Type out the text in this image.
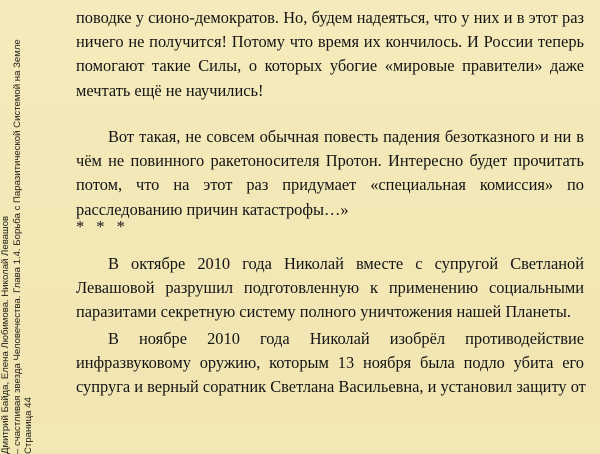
Дмитрий Байда, Елена Любимова. Николай Левашов – счастливая звезда Человечества. Глава 1.4. Борьба с Паразитической Системой на Земле Страница 44

поводке у сионо-демократов. Но, будем надеяться, что у них и в этот раз
ничего не получится! Потому что время их кончилось. И России теперь
помогают такие Силы, о которых убогие «мировые правители» даже
мечтать ещё не научились!

Вот такая, не совсем обычная повесть падения безотказного и ни в
чём не повинного ракетоносителя Протон. Интересно будет прочитать
потом, что на этот раз придумает «специальная комиссия» по
расследованию причин катастрофы…»

* * *

В октябре 2010 года Николай вместе с супругой Светланой
Левашовой разрушил подготовленную к применению социальными
паразитами секретную систему полного уничтожения нашей Планеты.

В ноябре 2010 года Николай изобрёл противодействие
инфразвуковому оружию, которым 13 ноября была подло убита его
супруга и верный соратник Светлана Васильевна, и установил защиту от
